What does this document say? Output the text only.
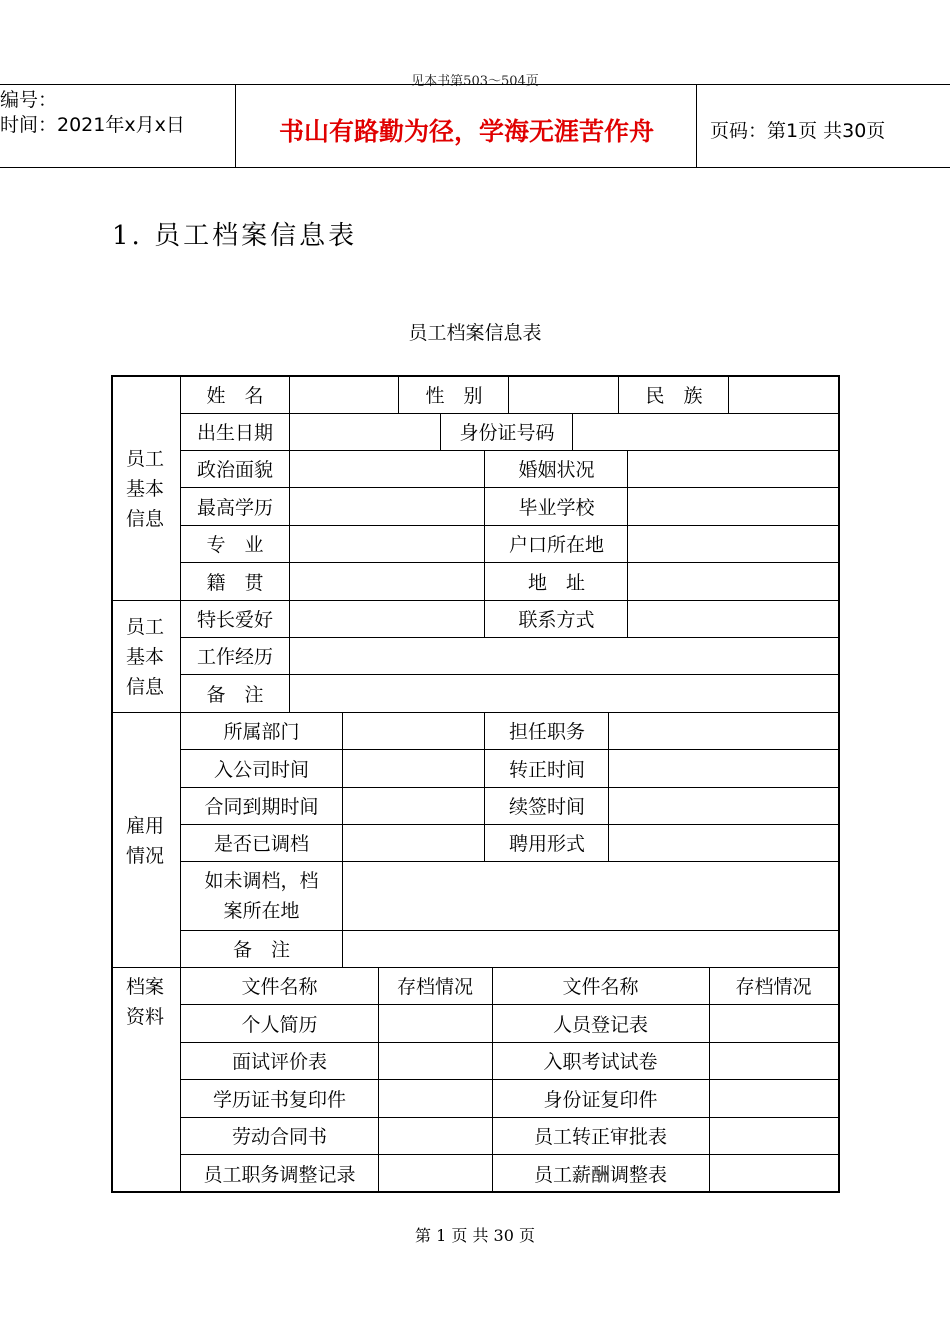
见本书第503～504页
编号：
时间：2021年x月x日	书山有路勤为径，学海无涯苦作舟	页码：第1页 共30页
1. 员工档案信息表
员工档案信息表
员工
基本
信息
员工
基本
信息
雇用
情况
档案
资料
姓　名	性　别	民　族
出生日期	身份证号码
政治面貌	婚姻状况
最高学历	毕业学校
专　业	户口所在地
籍　贯	地　址
特长爱好	联系方式
工作经历
备　注
所属部门	担任职务
入公司时间	转正时间
合同到期时间	续签时间
是否已调档	聘用形式
如未调档，档
案所在地
备　注
文件名称	存档情况	文件名称	存档情况
个人简历	人员登记表
面试评价表	入职考试试卷
学历证书复印件	身份证复印件
劳动合同书	员工转正审批表
员工职务调整记录	员工薪酬调整表
第 1 页 共 30 页
